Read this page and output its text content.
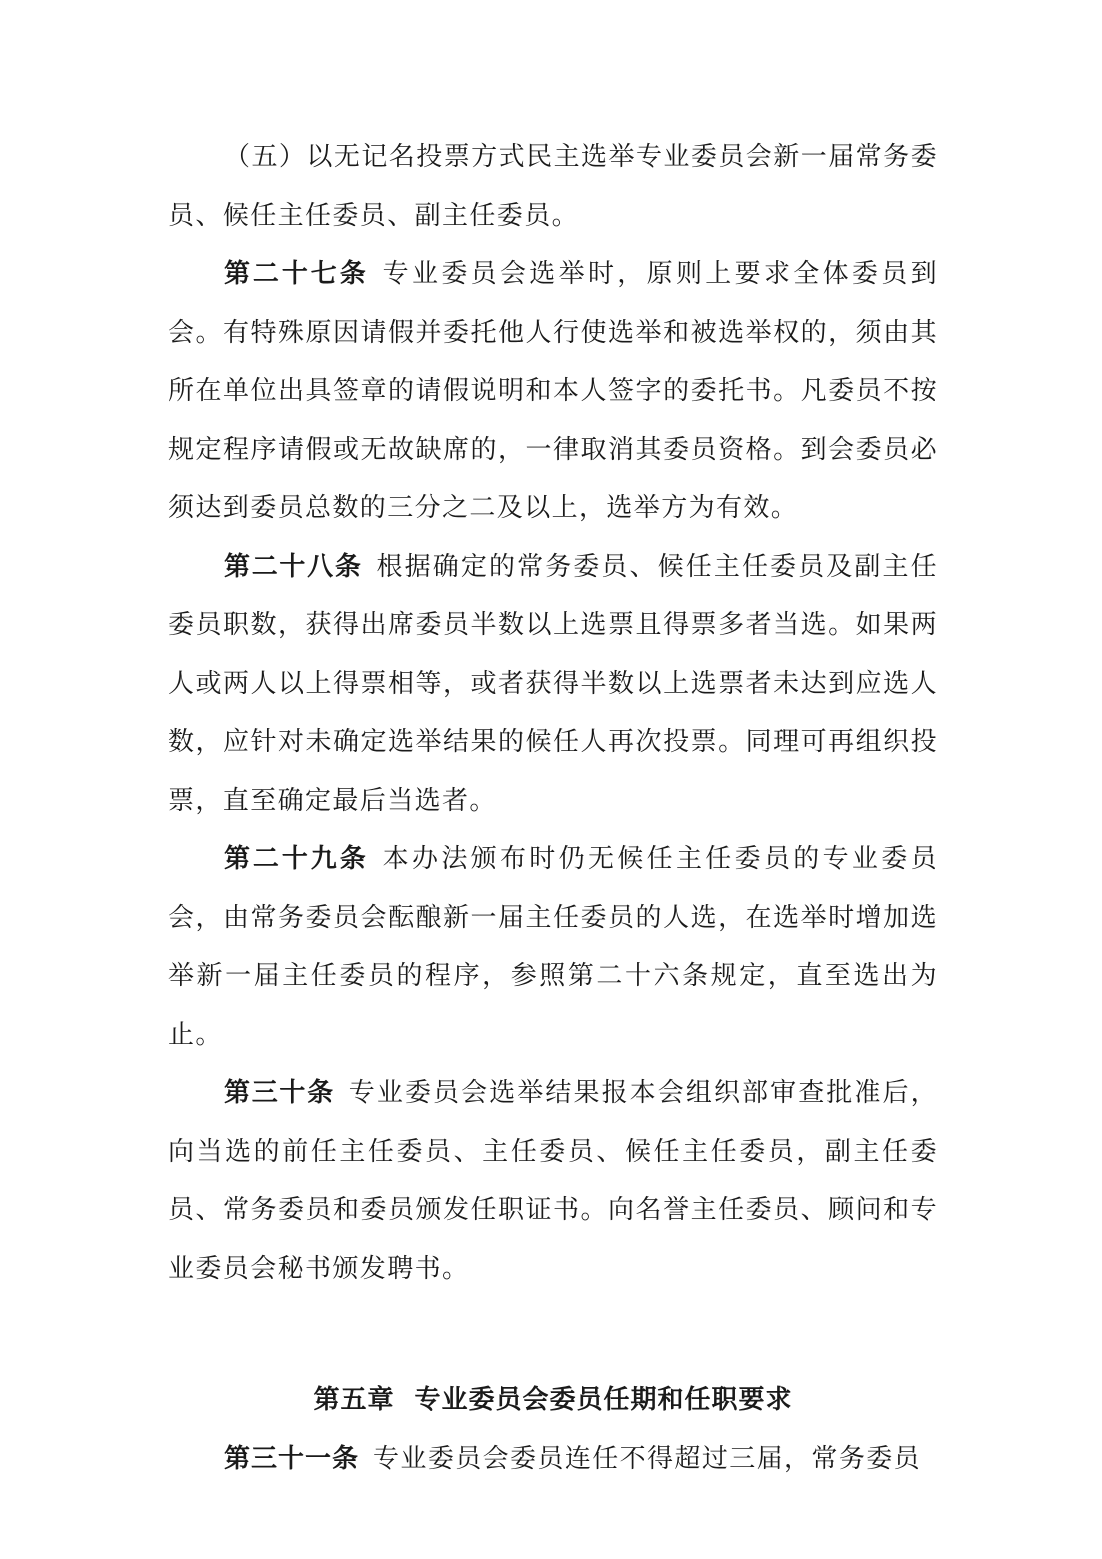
（五）以无记名投票方式民主选举专业委员会新一届常务委员、候任主任委员、副主任委员。

第二十七条 专业委员会选举时，原则上要求全体委员到会。有特殊原因请假并委托他人行使选举和被选举权的，须由其所在单位出具签章的请假说明和本人签字的委托书。凡委员不按规定程序请假或无故缺席的，一律取消其委员资格。到会委员必须达到委员总数的三分之二及以上，选举方为有效。

第二十八条 根据确定的常务委员、候任主任委员及副主任委员职数，获得出席委员半数以上选票且得票多者当选。如果两人或两人以上得票相等，或者获得半数以上选票者未达到应选人数，应针对未确定选举结果的候任人再次投票。同理可再组织投票，直至确定最后当选者。

第二十九条 本办法颁布时仍无候任主任委员的专业委员会，由常务委员会酝酿新一届主任委员的人选，在选举时增加选举新一届主任委员的程序，参照第二十六条规定，直至选出为止。

第三十条 专业委员会选举结果报本会组织部审查批准后，向当选的前任主任委员、主任委员、候任主任委员，副主任委员、常务委员和委员颁发任职证书。向名誉主任委员、顾问和专业委员会秘书颁发聘书。

第五章  专业委员会委员任期和任职要求

第三十一条 专业委员会委员连任不得超过三届，常务委员
